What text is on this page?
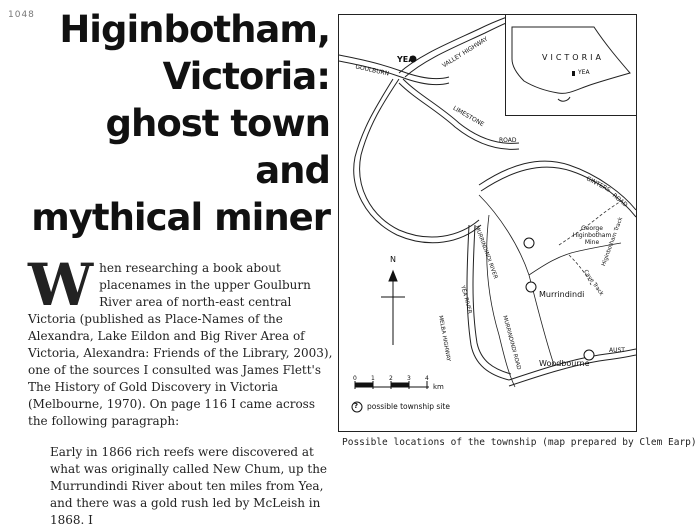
1048 Higinbotham,
Victoria:
ghost town
and
mythical miner

W hen researching a book about placenames in the upper Goulburn River area of north-east central Victoria (published as Place-Names of the Alexandra, Lake Eildon and Big River Area of Victoria, Alexandra: Friends of the Library, 2003), one of the sources I consulted was James Flett's The History of Gold Discovery in Victoria (Melbourne, 1970). On page 116 I came across the following paragraph:

Early in 1866 rich reefs were discovered at what was originally called New Chum, up the Murrundindi River about ten miles from Yea, and there was a gold rush led by McLeish in 1868. I

GOULBURN
YEA	VALLEY HIGHWAY
LIMESTONE
ROAD
GINTERS
ROAD
MURRINDINDI RIVER
YEA RIVER
MELBA HIGHWAY	MURRINDINDI ROAD
George Higinbotham Mine Higinbotham Track
Cave Track
Murrindindi
Woodbourne
AUST
N
0 1 2 3 4
km
? possible township site
VICTORIA
YEA
Possible locations of the township (map prepared by Clem Earp)
